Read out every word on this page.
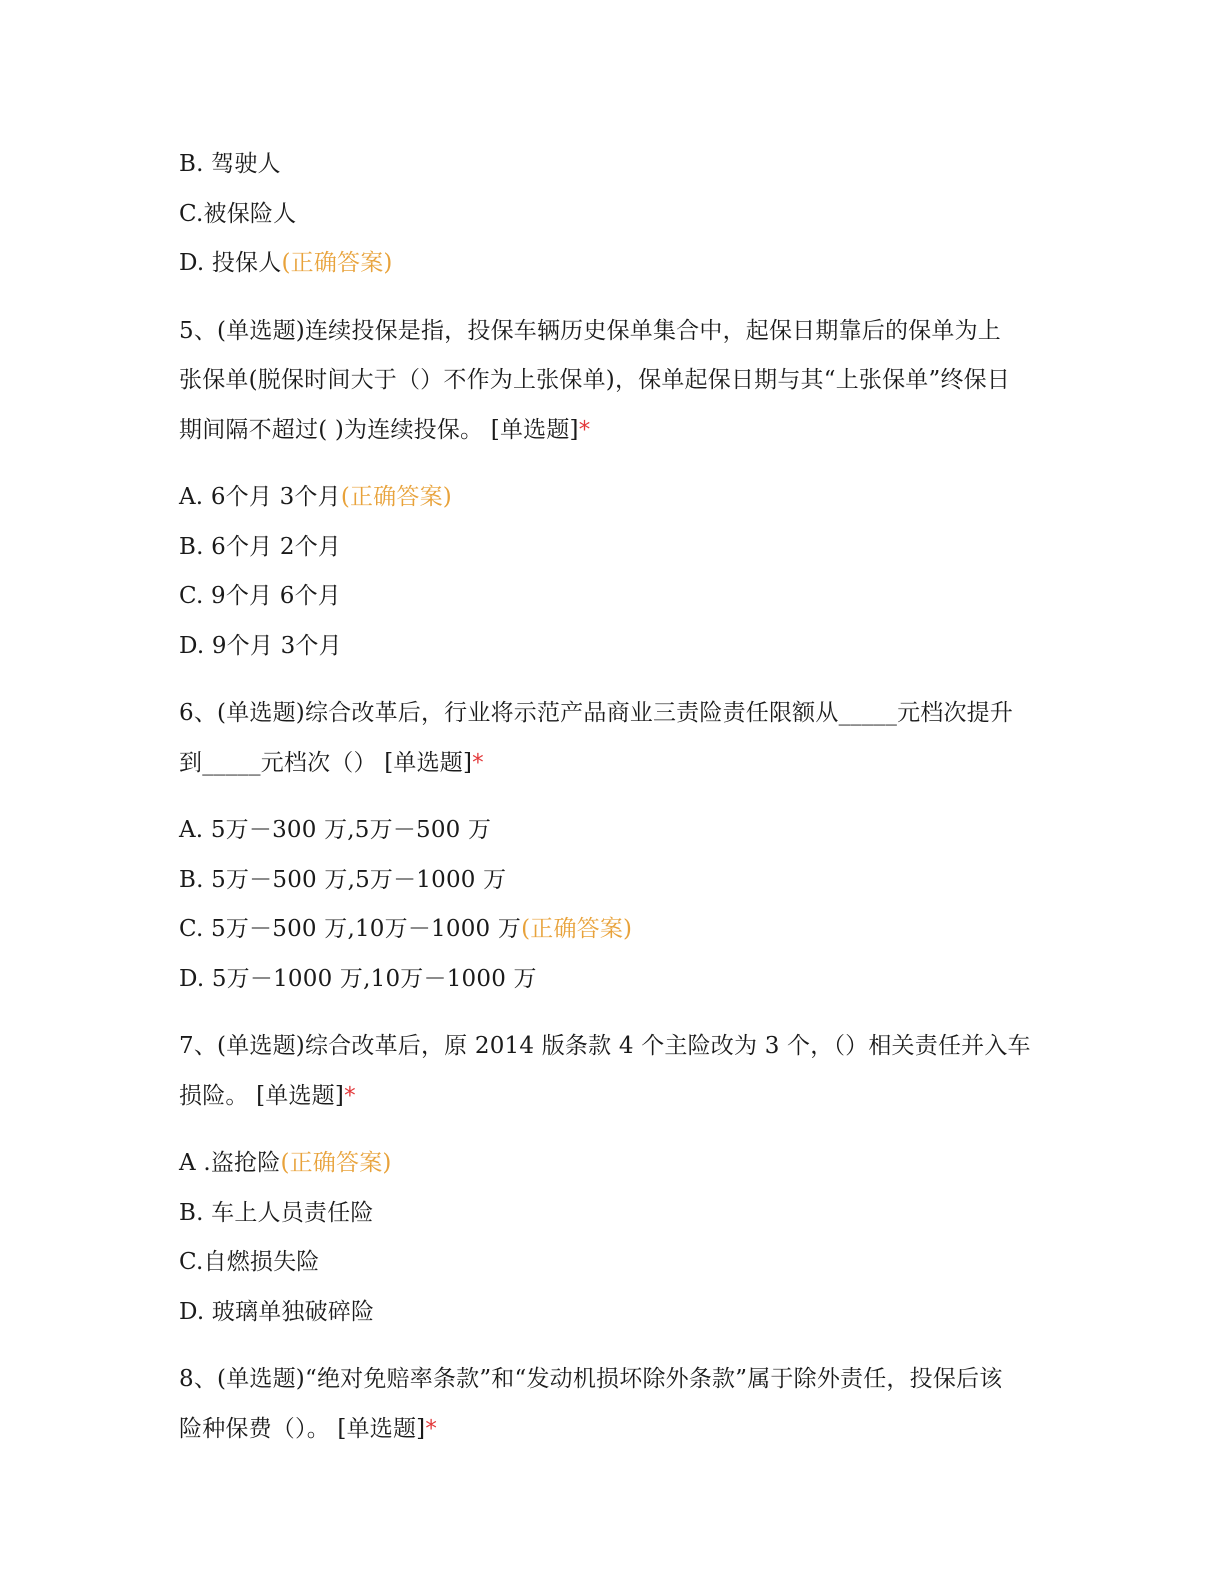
B. 驾驶人
C.被保险人
D. 投保人(正确答案)
5、(单选题)连续投保是指，投保车辆历史保单集合中，起保日期靠后的保单为上
张保单(脱保时间大于（）不作为上张保单)，保单起保日期与其“上张保单”终保日
期间隔不超过( )为连续投保。 [单选题]*
A. 6个月 3个月(正确答案)
B. 6个月 2个月
C. 9个月 6个月
D. 9个月 3个月
6、(单选题)综合改革后，行业将示范产品商业三责险责任限额从_____元档次提升
到_____元档次（） [单选题]*
A. 5万－300 万,5万－500 万
B. 5万－500 万,5万－1000 万
C. 5万－500 万,10万－1000 万(正确答案)
D. 5万－1000 万,10万－1000 万
7、(单选题)综合改革后，原 2014 版条款 4 个主险改为 3 个，（）相关责任并入车
损险。 [单选题]*
A .盗抢险(正确答案)
B. 车上人员责任险
C.自燃损失险
D. 玻璃单独破碎险
8、(单选题)“绝对免赔率条款”和“发动机损坏除外条款”属于除外责任，投保后该
险种保费（）。 [单选题]*
